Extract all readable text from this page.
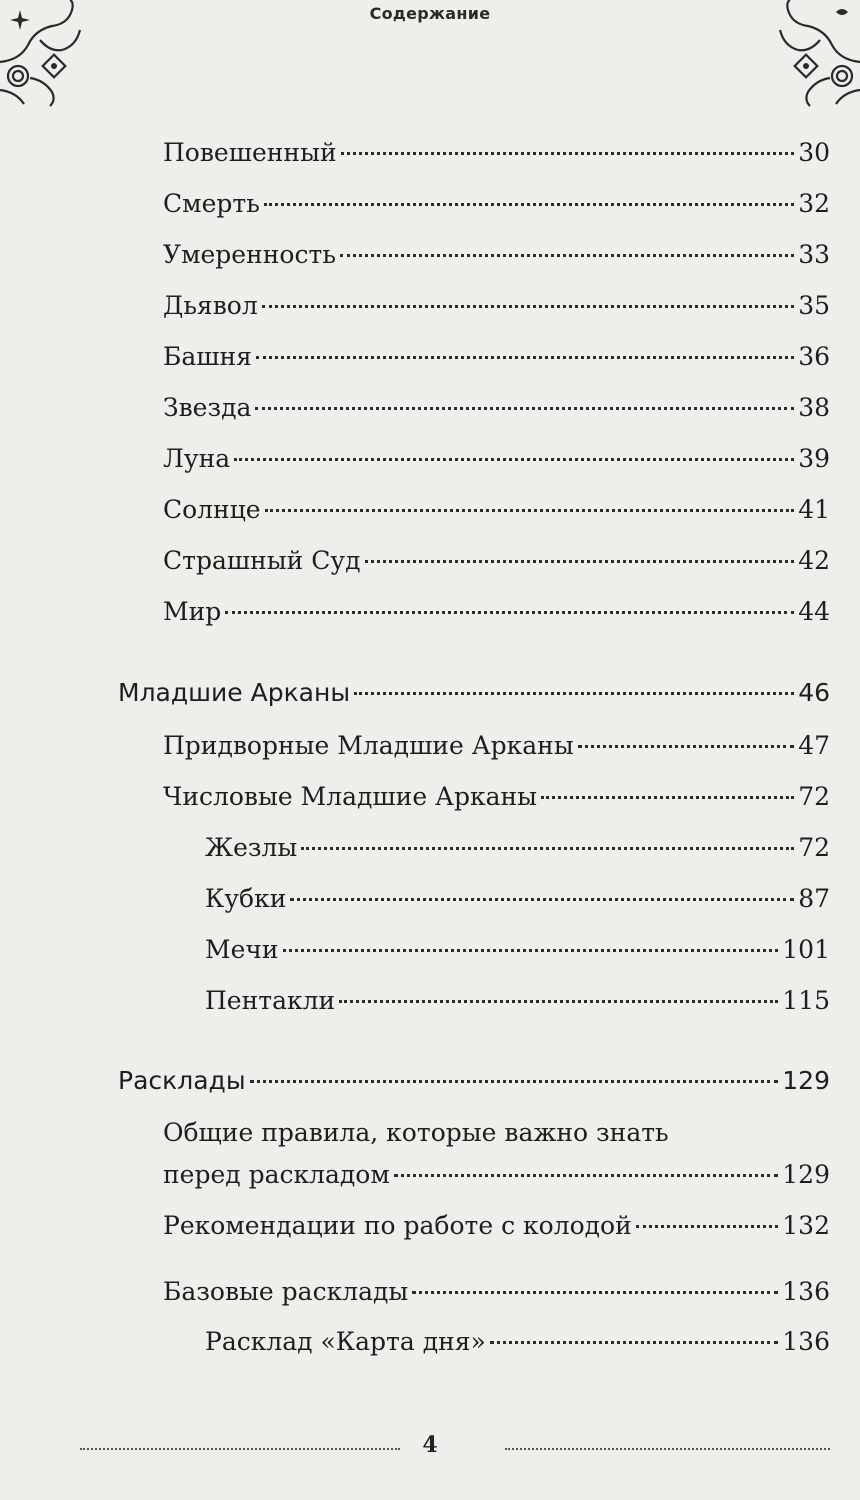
Содержание
Повешенный	30
Смерть	32
Умеренность	33
Дьявол	35
Башня	36
Звезда	38
Луна	39
Солнце	41
Страшный Суд	42
Мир	44
Младшие Арканы	46
Придворные Младшие Арканы	47
Числовые Младшие Арканы	72
Жезлы	72
Кубки	87
Мечи	101
Пентакли	115
Расклады	129
Общие правила, которые важно знать
перед раскладом	129
Рекомендации по работе с колодой	132
Базовые расклады	136
Расклад «Карта дня»	136
4
